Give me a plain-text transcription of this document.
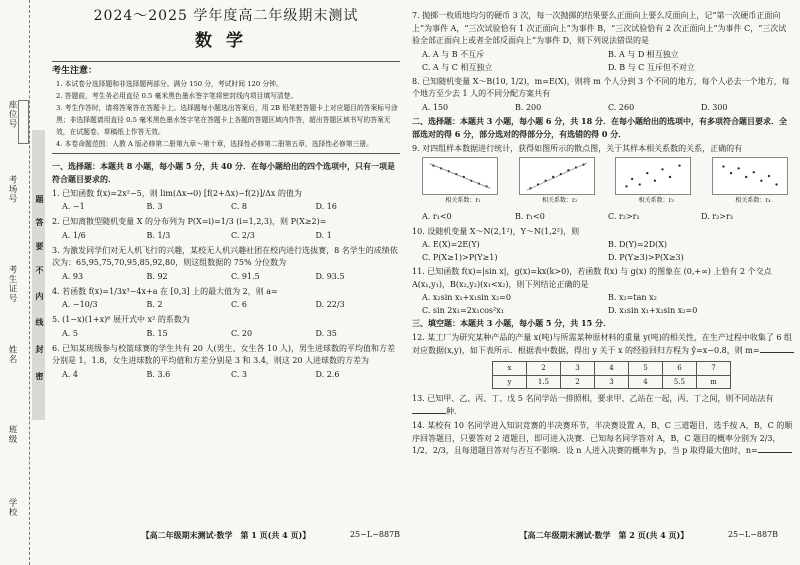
座位号
考场号
考生证号
姓名
班级
学校
题
答
要
不
内
线
封
密
2024～2025 学年度高二年级期末测试
数学
考生注意：

1. 本试卷分选择题和非选择题两部分。满分 150 分，考试时间 120 分钟。

2. 答题前，考生务必用直径 0.5 毫米黑色墨水签字笔将密封线内项目填写清楚。

3. 考生作答时，请将答案答在答题卡上。选择题每小题选出答案后，用 2B 铅笔把答题卡上对应题目的答案标号涂黑；非选择题请用直径 0.5 毫米黑色墨水签字笔在答题卡上各题的答题区域内作答，超出答题区域书写的答案无效，在试题卷、草稿纸上作答无效。

4. 本卷命题范围：人教 A 版必修第二册第九章～第十章，选择性必修第二册第五章，选择性必修第三册。

一、选择题：本题共 8 小题，每小题 5 分，共 40 分．在每小题给出的四个选项中，只有一项是符合题目要求的．
1. 已知函数 f(x)=2x²−5，则 lim(Δx→0) [f(2+Δx)−f(2)]/Δx 的值为
A. −1	B. 3	C. 8	D. 16
2. 已知离散型随机变量 X 的分布列为 P(X=i)=1/3 (i=1,2,3)，则 P(X≥2)=
A. 1/6	B. 1/3	C. 2/3	D. 1
3. 为激发同学们对无人机飞行的兴趣，某校无人机兴趣社团在校内进行选拔赛，8 名学生的成绩依次为：65,95,75,70,95,85,92,80，则这组数据的 75% 分位数为
A. 93	B. 92	C. 91.5	D. 93.5
4. 若函数 f(x)=1/3x³−4x+a 在 [0,3] 上的最大值为 2，则 a=
A. −10/3	B. 2	C. 6	D. 22/3
5. (1−x)(1+x)⁶ 展开式中 x² 的系数为
A. 5	B. 15	C. 20	D. 35
6. 已知某班级参与校篮球赛的学生共有 20 人(男生、女生各 10 人)，男生进球数的平均值和方差分别是 1，1.8，女生进球数的平均值和方差分别是 3 和 3.4，则这 20 人进球数的方差为
A. 4	B. 3.6	C. 3	D. 2.6
【高二年级期末测试·数学　第 1 页(共 4 页)】	25−L−887B
7. 抛掷一枚质地均匀的硬币 3 次，每一次抛掷的结果要么正面向上要么反面向上，记“第一次硬币正面向上”为事件 A，“三次试验恰有 1 次正面向上”为事件 B，“三次试验恰有 2 次正面向上”为事件 C，“三次试验全部正面向上或者全部反面向上”为事件 D，则下列说法错误的是
A. A 与 B 不互斥	B. A 与 D 相互独立
C. A 与 C 相互独立	D. B 与 C 互斥但不对立
8. 已知随机变量 X～B(10, 1/2)，m=E(X)，则将 m 个人分到 3 个不同的地方，每个人必去一个地方，每个地方至少去 1 人的不同分配方案共有
A. 150	B. 200	C. 260	D. 300
二、选择题：本题共 3 小题，每小题 6 分，共 18 分．在每小题给出的选项中，有多项符合题目要求．全部选对的得 6 分，部分选对的得部分分，有选错的得 0 分．
9. 对四组样本数据进行统计，获得如图所示的散点图，关于其样本相关系数的关系，正确的有
相关系数：r₁	相关系数：r₂	相关系数：r₃	相关系数：r₄
A. r₁<0	B. r₁<0	C. r₂>r₁	D. r₂>r₃
10. 设随机变量 X～N(2,1²)，Y～N(1,2²)，则
A. E(X)=2E(Y)	B. D(Y)=2D(X)
C. P(X≥1)>P(Y≥1)	D. P(Y≥3)>P(X≥3)
11. 已知函数 f(x)=|sin x|，g(x)=kx(k>0)，若函数 f(x) 与 g(x) 的图象在 (0,+∞) 上恰有 2 个交点 A(x₁,y₁)，B(x₂,y₂)(x₁<x₂)，则下列结论正确的是
A. x₂sin x₁+x₁sin x₂=0	B. x₂=tan x₂
C. sin 2x₁=2x₁cos²x₁	D. x₁sin x₁+x₂sin x₂=0
三、填空题：本题共 3 小题，每小题 5 分，共 15 分．
12. 某工厂为研究某种产品的产量 x(吨)与所需某种原材料的重量 y(吨)的相关性，在生产过程中收集了 6 组对应数据(x,y)，如下表所示．根据表中数据，得出 y 关于 x 的经验回归方程为 ŷ=x−0.8，则 m=
x	2	3	4	5	6	7
y	1.5	2	3	4	5.5	m
13. 已知甲、乙、丙、丁、戊 5 名同学站一排照相，要求甲、乙站在一起，丙、丁之间，则不同站法有种．
14. 某校有 10 名同学进入知识竞赛的半决赛环节，半决赛设置 A，B，C 三道题目，选手按 A，B，C 的顺序回答题目，只要答对 2 道题目，即可进入决赛．已知每名同学答对 A，B，C 题目的概率分别为 2/3，1/2，2/3，且每道题目答对与否互不影响．设 n 人进入决赛的概率为 p，当 p 取得最大值时，n=
【高二年级期末测试·数学　第 2 页(共 4 页)】	25−L−887B
